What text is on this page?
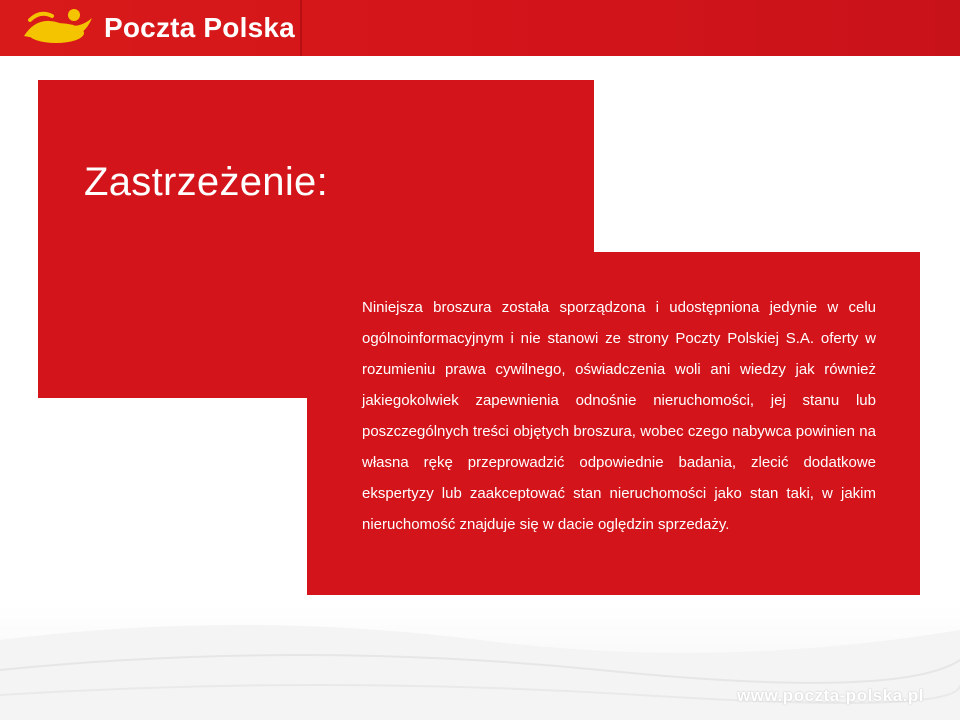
Poczta Polska
Zastrzeżenie:

Niniejsza broszura została sporządzona i udostępniona jedynie w celu ogólnoinformacyjnym i nie stanowi ze strony Poczty Polskiej S.A. oferty w rozumieniu prawa cywilnego, oświadczenia woli ani wiedzy jak również jakiegokolwiek zapewnienia odnośnie nieruchomości, jej stanu lub poszczególnych treści objętych broszura, wobec czego nabywca powinien na własna rękę przeprowadzić odpowiednie badania, zlecić dodatkowe ekspertyzy lub zaakceptować stan nieruchomości jako stan taki, w jakim nieruchomość znajduje się w dacie oględzin sprzedaży.

www.poczta-polska.pl
